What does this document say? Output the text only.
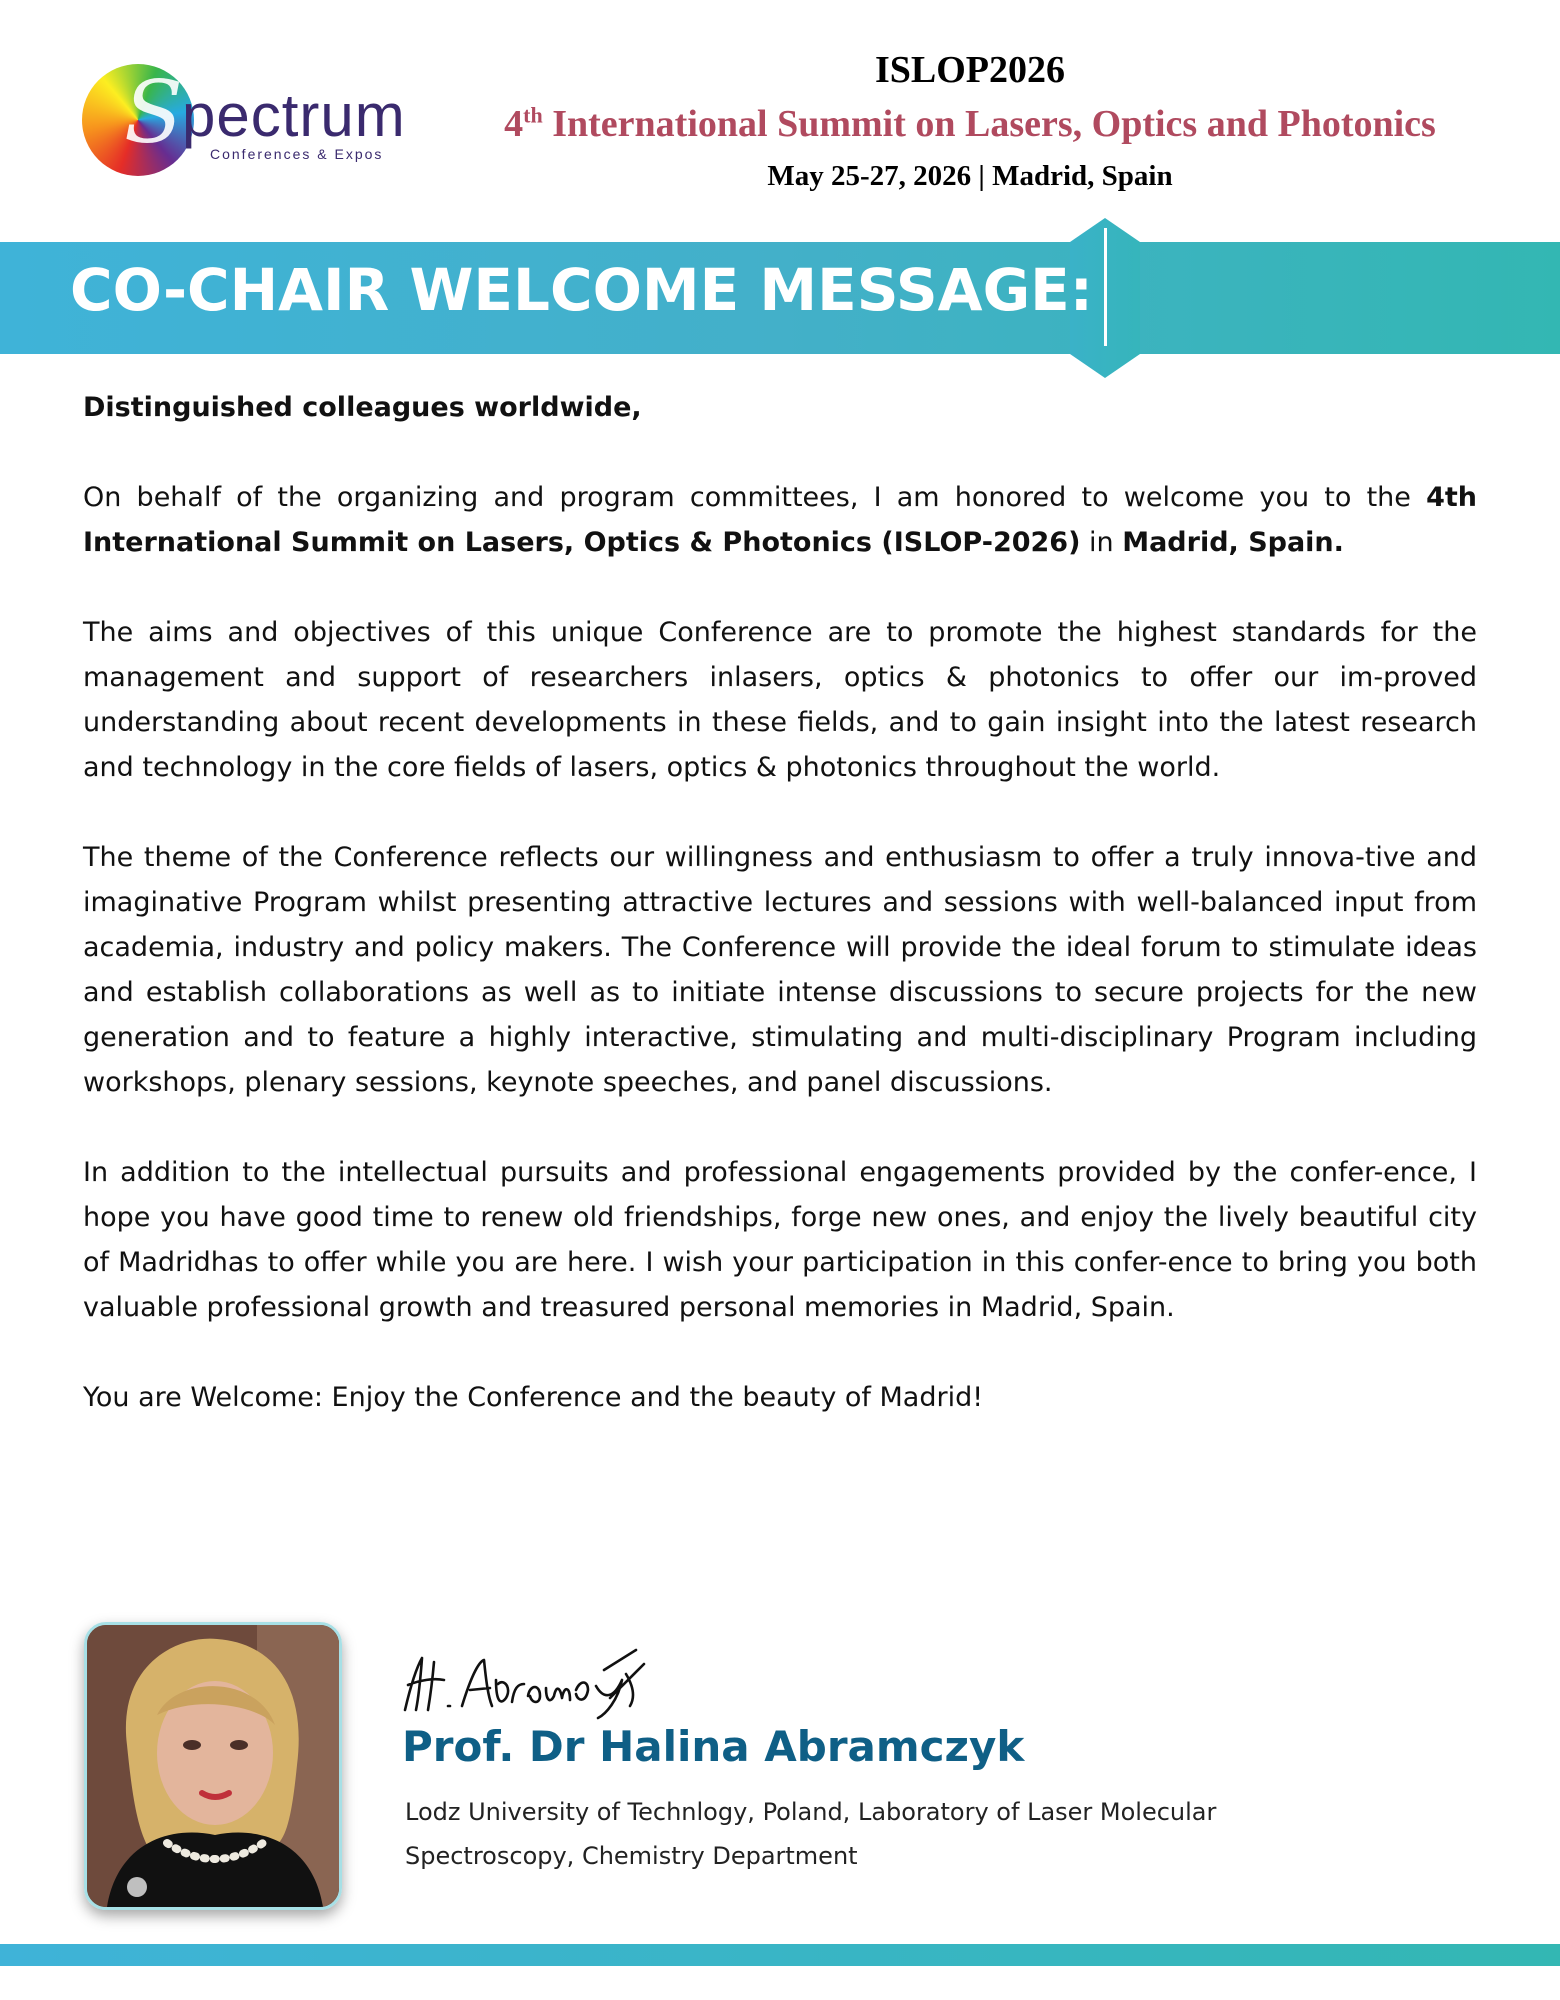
S pectrum
Conferences & Expos
ISLOP2026
4th International Summit on Lasers, Optics and Photonics
May 25-27, 2026 | Madrid, Spain
CO-CHAIR WELCOME MESSAGE:

Distinguished colleagues worldwide,

On behalf of the organizing and program committees, I am honored to welcome you to the 4th International Summit on Lasers, Optics & Photonics (ISLOP-2026) in Madrid, Spain.

The aims and objectives of this unique Conference are to promote the highest standards for the management and support of researchers inlasers, optics & photonics to offer our im-proved understanding about recent developments in these fields, and to gain insight into the latest research and technology in the core fields of lasers, optics & photonics throughout the world.

The theme of the Conference reflects our willingness and enthusiasm to offer a truly innova-tive and imaginative Program whilst presenting attractive lectures and sessions with well-balanced input from academia, industry and policy makers. The Conference will provide the ideal forum to stimulate ideas and establish collaborations as well as to initiate intense discussions to secure projects for the new generation and to feature a highly interactive, stimulating and multi-disciplinary Program including workshops, plenary sessions, keynote speeches, and panel discussions.

In addition to the intellectual pursuits and professional engagements provided by the confer-ence, I hope you have good time to renew old friendships, forge new ones, and enjoy the lively beautiful city of Madridhas to offer while you are here. I wish your participation in this confer-ence to bring you both valuable professional growth and treasured personal memories in Madrid, Spain.

You are Welcome: Enjoy the Conference and the beauty of Madrid!

Prof. Dr Halina Abramczyk
Lodz University of Technlogy, Poland, Laboratory of Laser Molecular
Spectroscopy, Chemistry Department
